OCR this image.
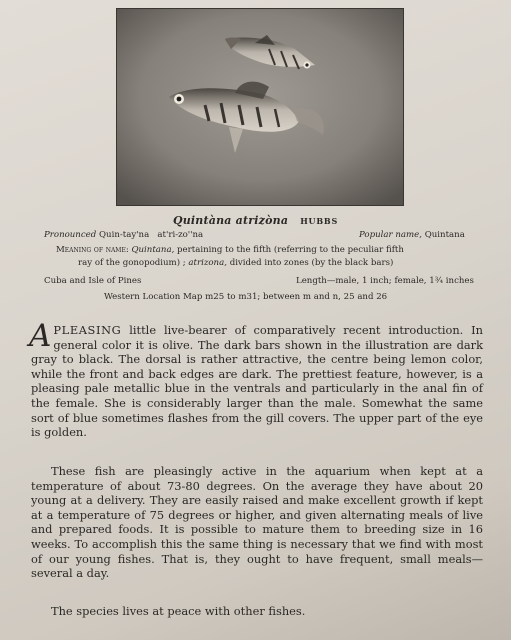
Quintàna atrizòna HUBBS
Pronounced Quin-tay'na   at'ri-zo''na	Popular name, Quintana
Meaning of name: Quintana, pertaining to the fifth (referring to the peculiar fifth
ray of the gonopodium) ; atrizona, divided into zones (by the black bars)
Cuba and Isle of Pines	Length—male, 1 inch; female, 1¾ inches
Western Location Map m25 to m31; between m and n, 25 and 26
A PLEASING little live-bearer of comparatively recent introduction. In general color it is olive. The dark bars shown in the illustration are dark gray to black. The dorsal is rather attractive, the centre being lemon color, while the front and back edges are dark. The prettiest feature, however, is a pleasing pale metallic blue in the ventrals and particularly in the anal fin of the female. She is considerably larger than the male. Somewhat the same sort of blue sometimes flashes from the gill covers. The upper part of the eye is golden.
These fish are pleasingly active in the aquarium when kept at a temperature of about 73-80 degrees. On the average they have about 20 young at a delivery. They are easily raised and make excellent growth if kept at a temperature of 75 degrees or higher, and given alternating meals of live and prepared foods. It is possible to mature them to breeding size in 16 weeks. To accomplish this the same thing is necessary that we find with most of our young fishes. That is, they ought to have frequent, small meals—several a day.
The species lives at peace with other fishes.
